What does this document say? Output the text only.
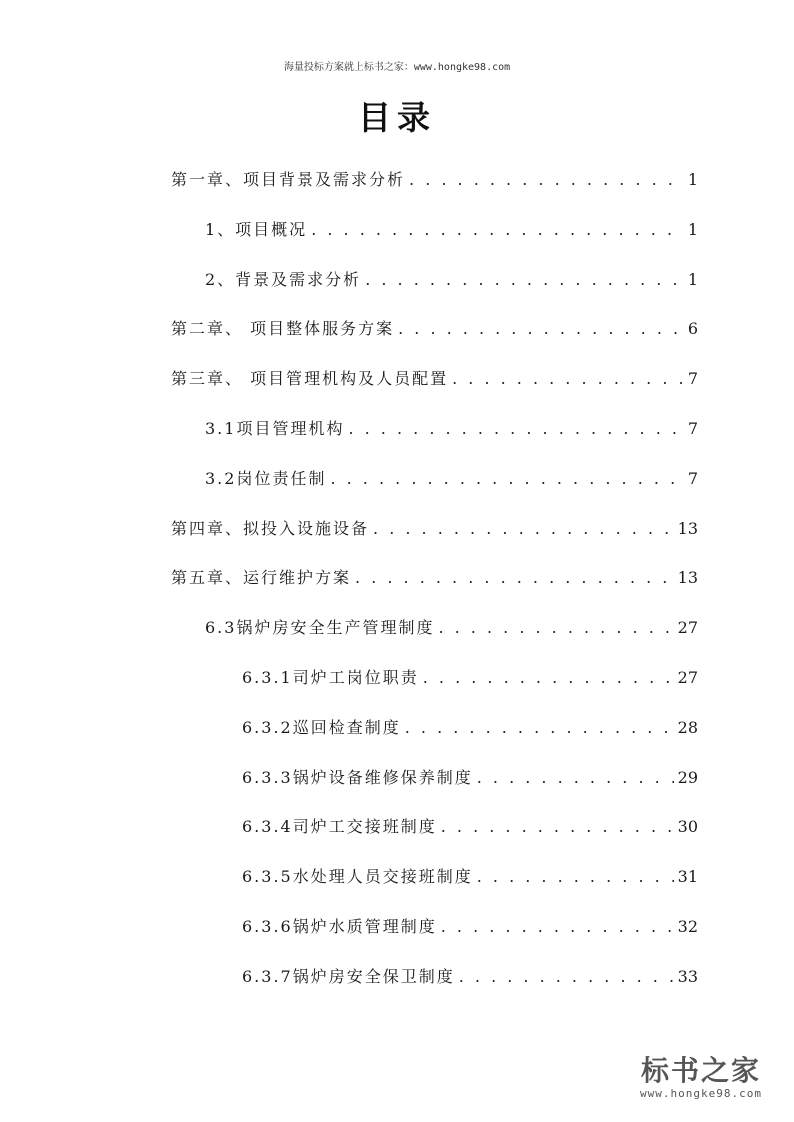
海量投标方案就上标书之家：www.hongke98.com
目录
第一章、项目背景及需求分析 . . .	1
1、项目概况 . . .	1
2、背景及需求分析 . . .	1
第二章、 项目整体服务方案 . . .	6
第三章、 项目管理机构及人员配置 . . .	7
3.1项目管理机构 . . .	7
3.2岗位责任制 . . .	7
第四章、拟投入设施设备 . . .	13
第五章、运行维护方案 . . .	13
6.3锅炉房安全生产管理制度 . . .	27
6.3.1司炉工岗位职责 . . .	27
6.3.2巡回检查制度 . . .	28
6.3.3锅炉设备维修保养制度 . . .	29
6.3.4司炉工交接班制度 . . .	30
6.3.5水处理人员交接班制度 . . .	31
6.3.6锅炉水质管理制度 . . .	32
6.3.7锅炉房安全保卫制度 . . .	33
标书之家
www.hongke98.com
